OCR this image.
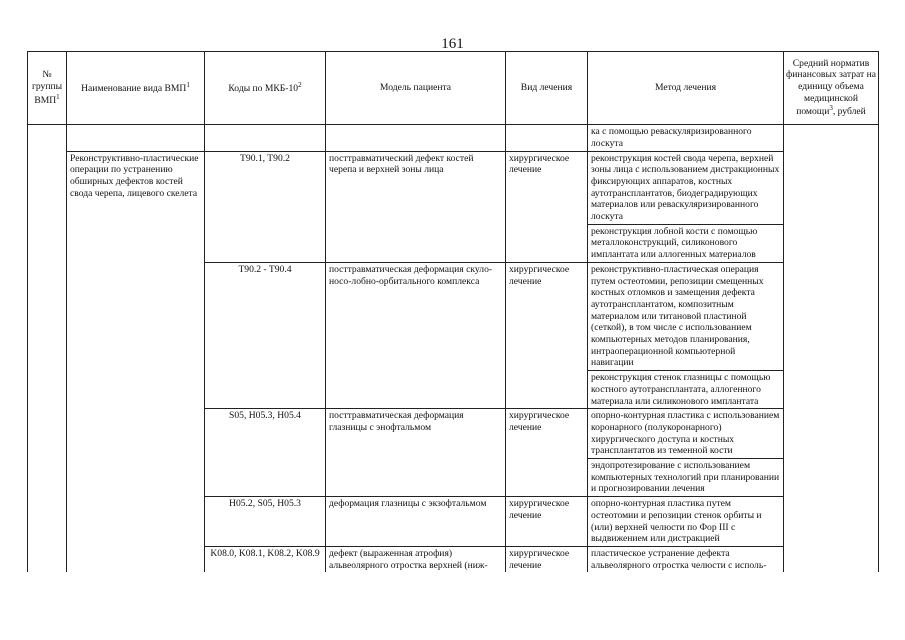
161
№ группы ВМП$^1$	Наименование вида ВМП$^1$	Коды по МКБ-$10^2$	Модель пациента	Вид лечения	Метод лечения	Средний норматив финансовых затрат на единицу объема медицинской помощи$^3$, рублей
					ка с помощью реваскуляризированного лоскута	
	Реконструктивно-пластические операции по устранению обширных дефектов костей свода черепа, лицевого скелета	T90.1, T90.2	посттравматический дефект костей черепа и верхней зоны лица	хирургическое лечение	реконструкция костей свода черепа, верхней зоны лица с использованием дистракционных фиксирующих аппаратов, костных аутотрансплантатов, биодеградирующих материалов или реваскуляризированного лоскута	
					реконструкция лобной кости с помощью металлоконструкций, силиконового имплантата или аллогенных материалов	
		T90.2 - T90.4	посттравматическая деформация скуло-носо-лобно-орбитального комплекса	хирургическое лечение	реконструктивно-пластическая операция путем остеотомии, репозиции смещенных костных отломков и замещения дефекта аутотрансплантатом, композитным материалом или титановой пластиной (сеткой), в том числе с использованием компьютерных методов планирования, интраоперационной компьютерной навигации	
					реконструкция стенок глазницы с помощью костного аутотрансплантата, аллогенного материала или силиконового имплантата	
		S05, H05.3, H05.4	посттравматическая деформация глазницы с энофтальмом	хирургическое лечение	опорно-контурная пластика с использованием коронарного (полукоронарного) хирургического доступа и костных трансплантатов из теменной кости	
					эндопротезирование с использованием компьютерных технологий при планировании и прогнозировании лечения	
		H05.2, S05, H05.3	деформация глазницы с экзофтальмом	хирургическое лечение	опорно-контурная пластика путем остеотомии и репозиции стенок орбиты и (или) верхней челюсти по Фор III с выдвижением или дистракцией	
		K08.0, K08.1, K08.2, K08.9	дефект (выраженная атрофия) альвеолярного отростка верхней (ниж-	хирургическое лечение	пластическое устранение дефекта альвеолярного отростка челюсти с исполь-	
